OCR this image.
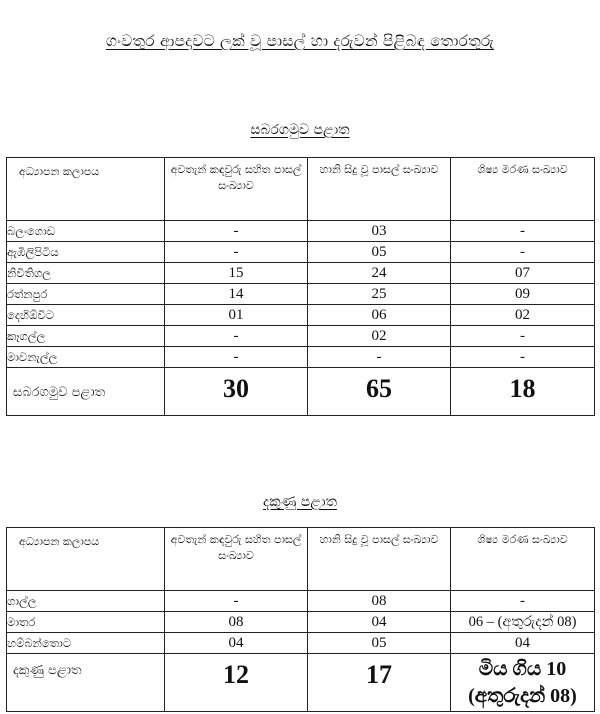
ගංවතුර ආපදාවට ලක් වූ පාසල් හා දරුවන් පිළිබඳ තොරතුරු
සබරගමුව පළාත
අධ්‍යාපන කලාපය	අවතැන් කඳවුරු සහිත පාසල් සංඛ්‍යාව	හානි සිදු වූ පාසල් සංඛ්‍යාව	ශිෂ්‍ය මරණ සංඛ්‍යාව
බලංගොඩ	-	03	-
ඇඹිලිපිටිය	-	05	-
නිවිතිගල	15	24	07
රත්නපුර	14	25	09
දෙහිඕවිට	01	06	02
කෑගල්ල	-	02	-
මාවනැල්ල	-	-	-
සබරගමුව පළාත	30	65	18
දකුණු පළාත
අධ්‍යාපන කලාපය	අවතැන් කඳවුරු සහිත පාසල් සංඛ්‍යාව	හානි සිදු වූ පාසල් සංඛ්‍යාව	ශිෂ්‍ය මරණ සංඛ්‍යාව
ගාල්ල	-	08	-
මාතර	08	04	06 – (අතුරුදන් 08)
හම්බන්තොට	04	05	04
දකුණු පළාත	12	17	මිය ගිය 10
(අතුරුදන් 08)
